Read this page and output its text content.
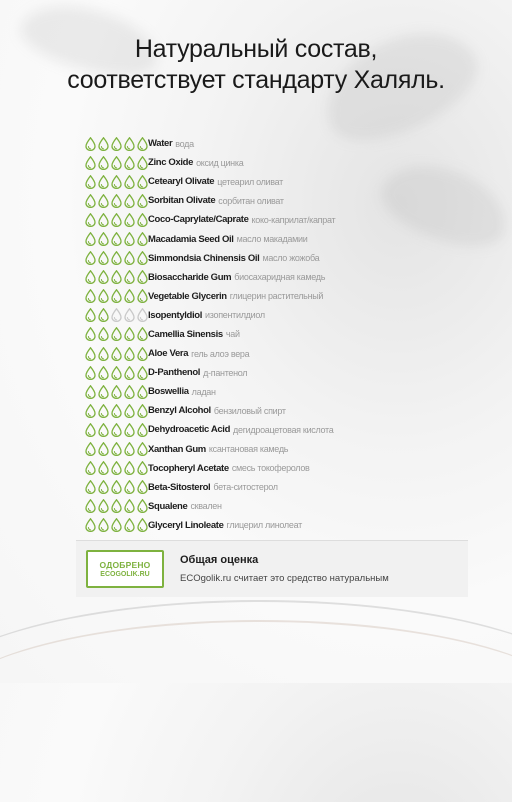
Натуральный состав,
соответствует стандарту Халяль.
Water вода
Zinc Oxide оксид цинка
Cetearyl Olivate цетеарил оливат
Sorbitan Olivate сорбитан оливат
Coco-Caprylate/Caprate коко-каприлат/капрат
Macadamia Seed Oil масло макадамии
Simmondsia Chinensis Oil масло жожоба
Biosaccharide Gum биосахаридная камедь
Vegetable Glycerin глицерин растительный
Isopentyldiol изопентилдиол
Camellia Sinensis чай
Aloe Vera гель алоэ вера
D-Panthenol д-пантенол
Boswellia ладан
Benzyl Alcohol бензиловый спирт
Dehydroacetic Acid дегидроацетовая кислота
Xanthan Gum ксантановая камедь
Tocopheryl Acetate смесь токоферолов
Beta-Sitosterol бета-ситостерол
Squalene сквален
Glyceryl Linoleate глицерил линолеат
ОДОБРЕНО
ECOGOLIK.RU
Общая оценка
ECOgolik.ru считает это средство натуральным
